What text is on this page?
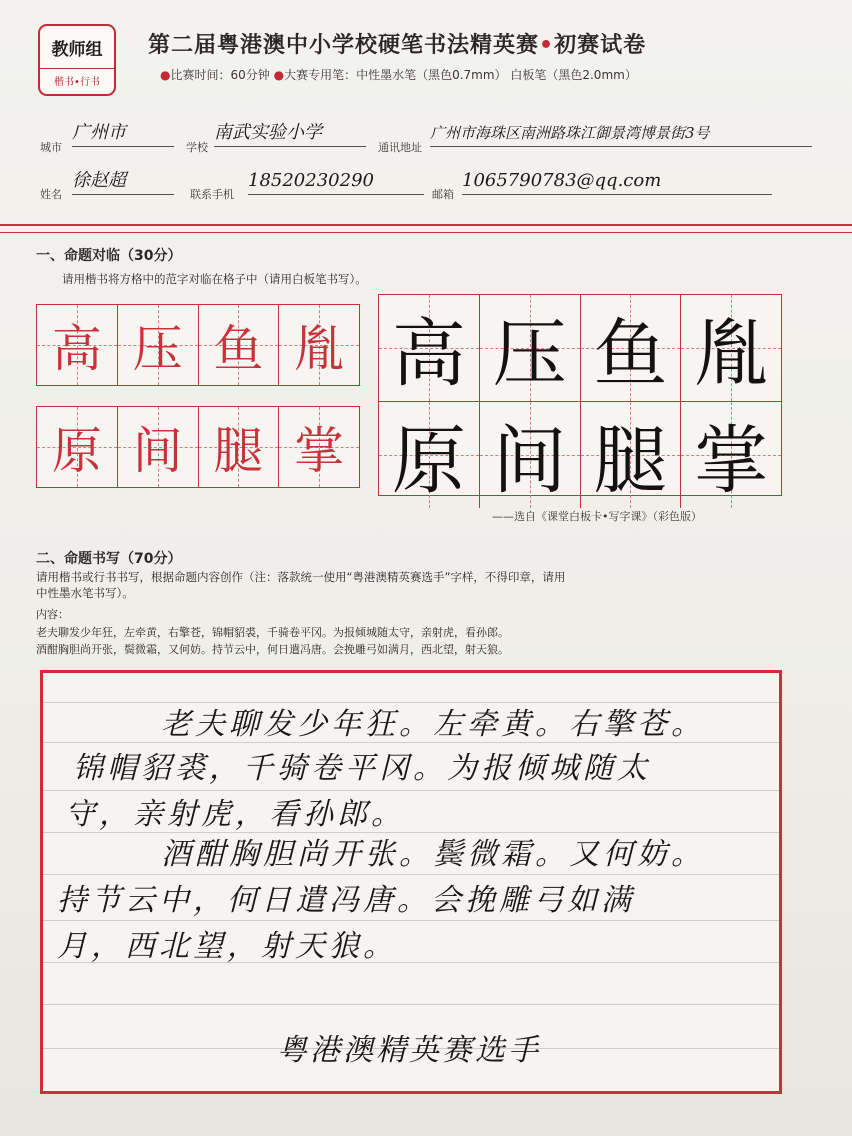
教师组
楷书•行书
第二届粤港澳中小学校硬笔书法精英赛•初赛试卷
●比赛时间：60分钟 ●大赛专用笔：中性墨水笔（黑色0.7mm） 白板笔（黑色2.0mm）
城市
广州市
学校
南武实验小学
通讯地址
广州市海珠区南洲路珠江御景湾博景街3号
姓名
徐赵超
联系手机
18520230290
邮箱
1065790783@qq.com
一、命题对临（30分）
请用楷书将方格中的范字对临在格子中（请用白板笔书写）。
高 压 鱼 胤
原 间 腿 掌
高 压 鱼 胤
原 间 腿 掌
——选自《课堂白板卡•写字课》（彩色版）
二、命题书写（70分）
请用楷书或行书书写，根据命题内容创作（注：落款统一使用“粤港澳精英赛选手”字样，不得印章，请用
中性墨水笔书写）。
内容：
老夫聊发少年狂，左牵黄，右擎苍，锦帽貂裘，千骑卷平冈。为报倾城随太守，亲射虎，看孙郎。
酒酣胸胆尚开张，鬓微霜，又何妨。持节云中，何日遣冯唐。会挽雕弓如满月，西北望，射天狼。
老夫聊发少年狂。左牵黄。右擎苍。
锦帽貂裘，千骑卷平冈。为报倾城随太
守，亲射虎，看孙郎。
酒酣胸胆尚开张。鬓微霜。又何妨。
持节云中，何日遣冯唐。会挽雕弓如满
月，西北望，射天狼。
粤港澳精英赛选手
